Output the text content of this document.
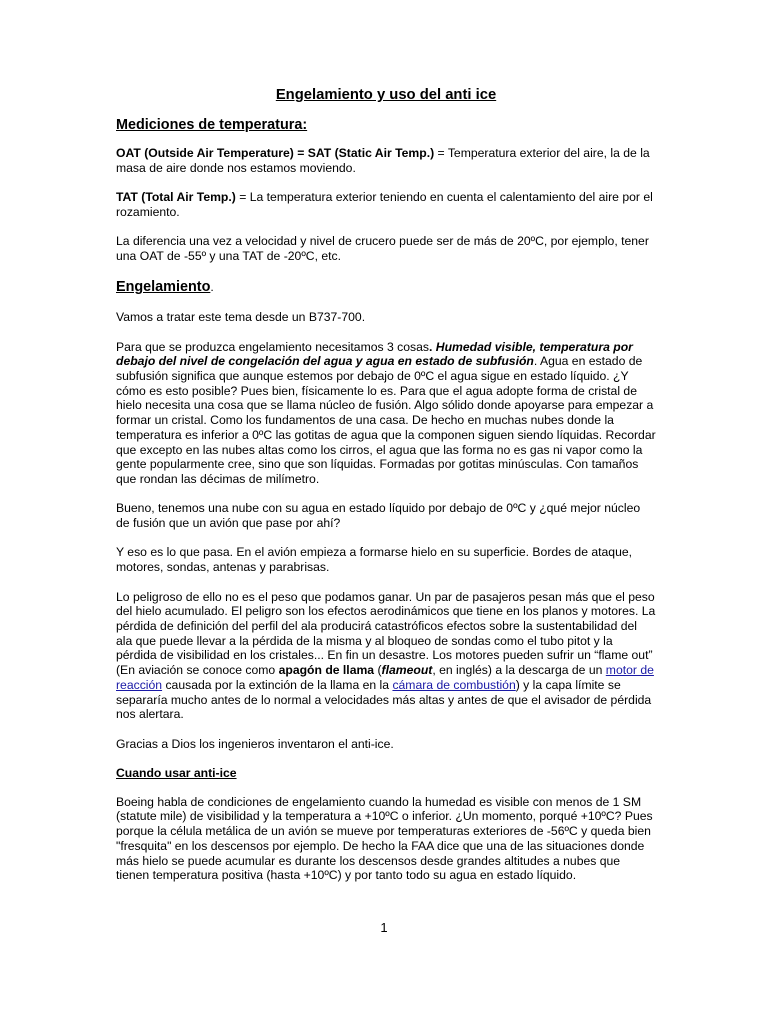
Engelamiento y uso del anti ice
Mediciones de temperatura:

OAT (Outside Air Temperature) = SAT (Static Air Temp.) = Temperatura exterior del aire, la de la masa de aire donde nos estamos moviendo.

TAT (Total Air Temp.) = La temperatura exterior teniendo en cuenta el calentamiento del aire por el rozamiento.

La diferencia una vez a velocidad y nivel de crucero puede ser de más de 20ºC, por ejemplo, tener una OAT de -55º y una TAT de -20ºC, etc.

Engelamiento.

Vamos a tratar este tema desde un B737-700.

Para que se produzca engelamiento necesitamos 3 cosas. Humedad visible, temperatura por debajo del nivel de congelación del agua y agua en estado de subfusión. Agua en estado de subfusión significa que aunque estemos por debajo de 0ºC el agua sigue en estado líquido. ¿Y cómo es esto posible? Pues bien, físicamente lo es. Para que el agua adopte forma de cristal de hielo necesita una cosa que se llama núcleo de fusión. Algo sólido donde apoyarse para empezar a formar un cristal. Como los fundamentos de una casa. De hecho en muchas nubes donde la temperatura es inferior a 0ºC las gotitas de agua que la componen siguen siendo líquidas. Recordar que excepto en las nubes altas como los cirros, el agua que las forma no es gas ni vapor como la gente popularmente cree, sino que son líquidas. Formadas por gotitas minúsculas. Con tamaños que rondan las décimas de milímetro.

Bueno, tenemos una nube con su agua en estado líquido por debajo de 0ºC y ¿qué mejor núcleo de fusión que un avión que pase por ahí?

Y eso es lo que pasa. En el avión empieza a formarse hielo en su superficie. Bordes de ataque, motores, sondas, antenas y parabrisas.

Lo peligroso de ello no es el peso que podamos ganar. Un par de pasajeros pesan más que el peso del hielo acumulado. El peligro son los efectos aerodinámicos que tiene en los planos y motores. La pérdida de definición del perfil del ala producirá catastróficos efectos sobre la sustentabilidad del ala que puede llevar a la pérdida de la misma y al bloqueo de sondas como el tubo pitot y la pérdida de visibilidad en los cristales... En fin un desastre. Los motores pueden sufrir un “flame out” (En aviación se conoce como apagón de llama (flameout, en inglés) a la descarga de un motor de reacción causada por la extinción de la llama en la cámara de combustión) y la capa límite se separaría mucho antes de lo normal a velocidades más altas y antes de que el avisador de pérdida nos alertara.

Gracias a Dios los ingenieros inventaron el anti-ice.

Cuando usar anti-ice

Boeing habla de condiciones de engelamiento cuando la humedad es visible con menos de 1 SM (statute mile) de visibilidad y la temperatura a +10ºC o inferior. ¿Un momento, porqué +10ºC? Pues porque la célula metálica de un avión se mueve por temperaturas exteriores de -56ºC y queda bien "fresquita" en los descensos por ejemplo. De hecho la FAA dice que una de las situaciones donde más hielo se puede acumular es durante los descensos desde grandes altitudes a nubes que tienen temperatura positiva (hasta +10ºC) y por tanto todo su agua en estado líquido.

1
